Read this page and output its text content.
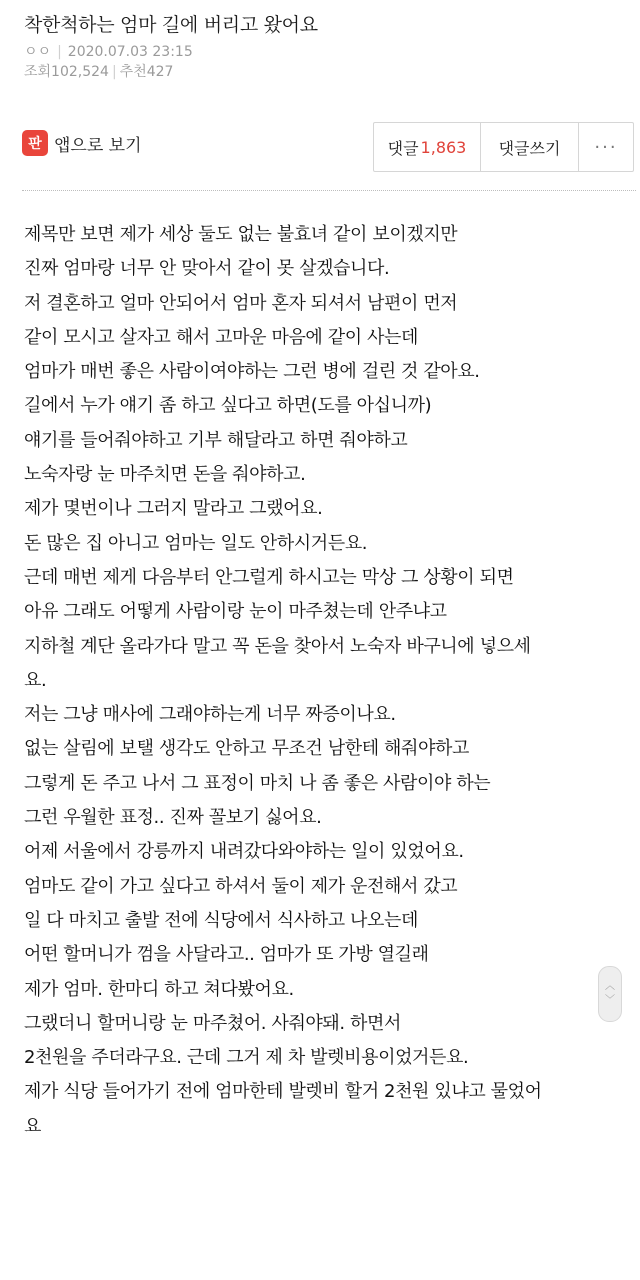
착한척하는 엄마 길에 버리고 왔어요
ㅇㅇ | 2020.07.03 23:15
조회102,524 | 추천427
판 앱으로 보기	댓글 1,863	댓글쓰기	···

제목만 보면 제가 세상 둘도 없는 불효녀 같이 보이겠지만

진짜 엄마랑 너무 안 맞아서 같이 못 살겠습니다.

저 결혼하고 얼마 안되어서 엄마 혼자 되셔서 남편이 먼저

같이 모시고 살자고 해서 고마운 마음에 같이 사는데

엄마가 매번 좋은 사람이여야하는 그런 병에 걸린 것 같아요.

길에서 누가 얘기 좀 하고 싶다고 하면(도를 아십니까)

얘기를 들어줘야하고 기부 해달라고 하면 줘야하고

노숙자랑 눈 마주치면 돈을 줘야하고.

제가 몇번이나 그러지 말라고 그랬어요.

돈 많은 집 아니고 엄마는 일도 안하시거든요.

근데 매번 제게 다음부터 안그럴게 하시고는 막상 그 상황이 되면

아유 그래도 어떻게 사람이랑 눈이 마주쳤는데 안주냐고

지하철 계단 올라가다 말고 꼭 돈을 찾아서 노숙자 바구니에 넣으세

요.

저는 그냥 매사에 그래야하는게 너무 짜증이나요.

없는 살림에 보탤 생각도 안하고 무조건 남한테 해줘야하고

그렇게 돈 주고 나서 그 표정이 마치 나 좀 좋은 사람이야 하는

그런 우월한 표정.. 진짜 꼴보기 싫어요.

어제 서울에서 강릉까지 내려갔다와야하는 일이 있었어요.

엄마도 같이 가고 싶다고 하셔서 둘이 제가 운전해서 갔고

일 다 마치고 출발 전에 식당에서 식사하고 나오는데

어떤 할머니가 껌을 사달라고.. 엄마가 또 가방 열길래

제가 엄마. 한마디 하고 쳐다봤어요.

그랬더니 할머니랑 눈 마주쳤어. 사줘야돼. 하면서

2천원을 주더라구요. 근데 그거 제 차 발렛비용이었거든요.

제가 식당 들어가기 전에 엄마한테 발렛비 할거 2천원 있냐고 물었어

요

︿
﹀
